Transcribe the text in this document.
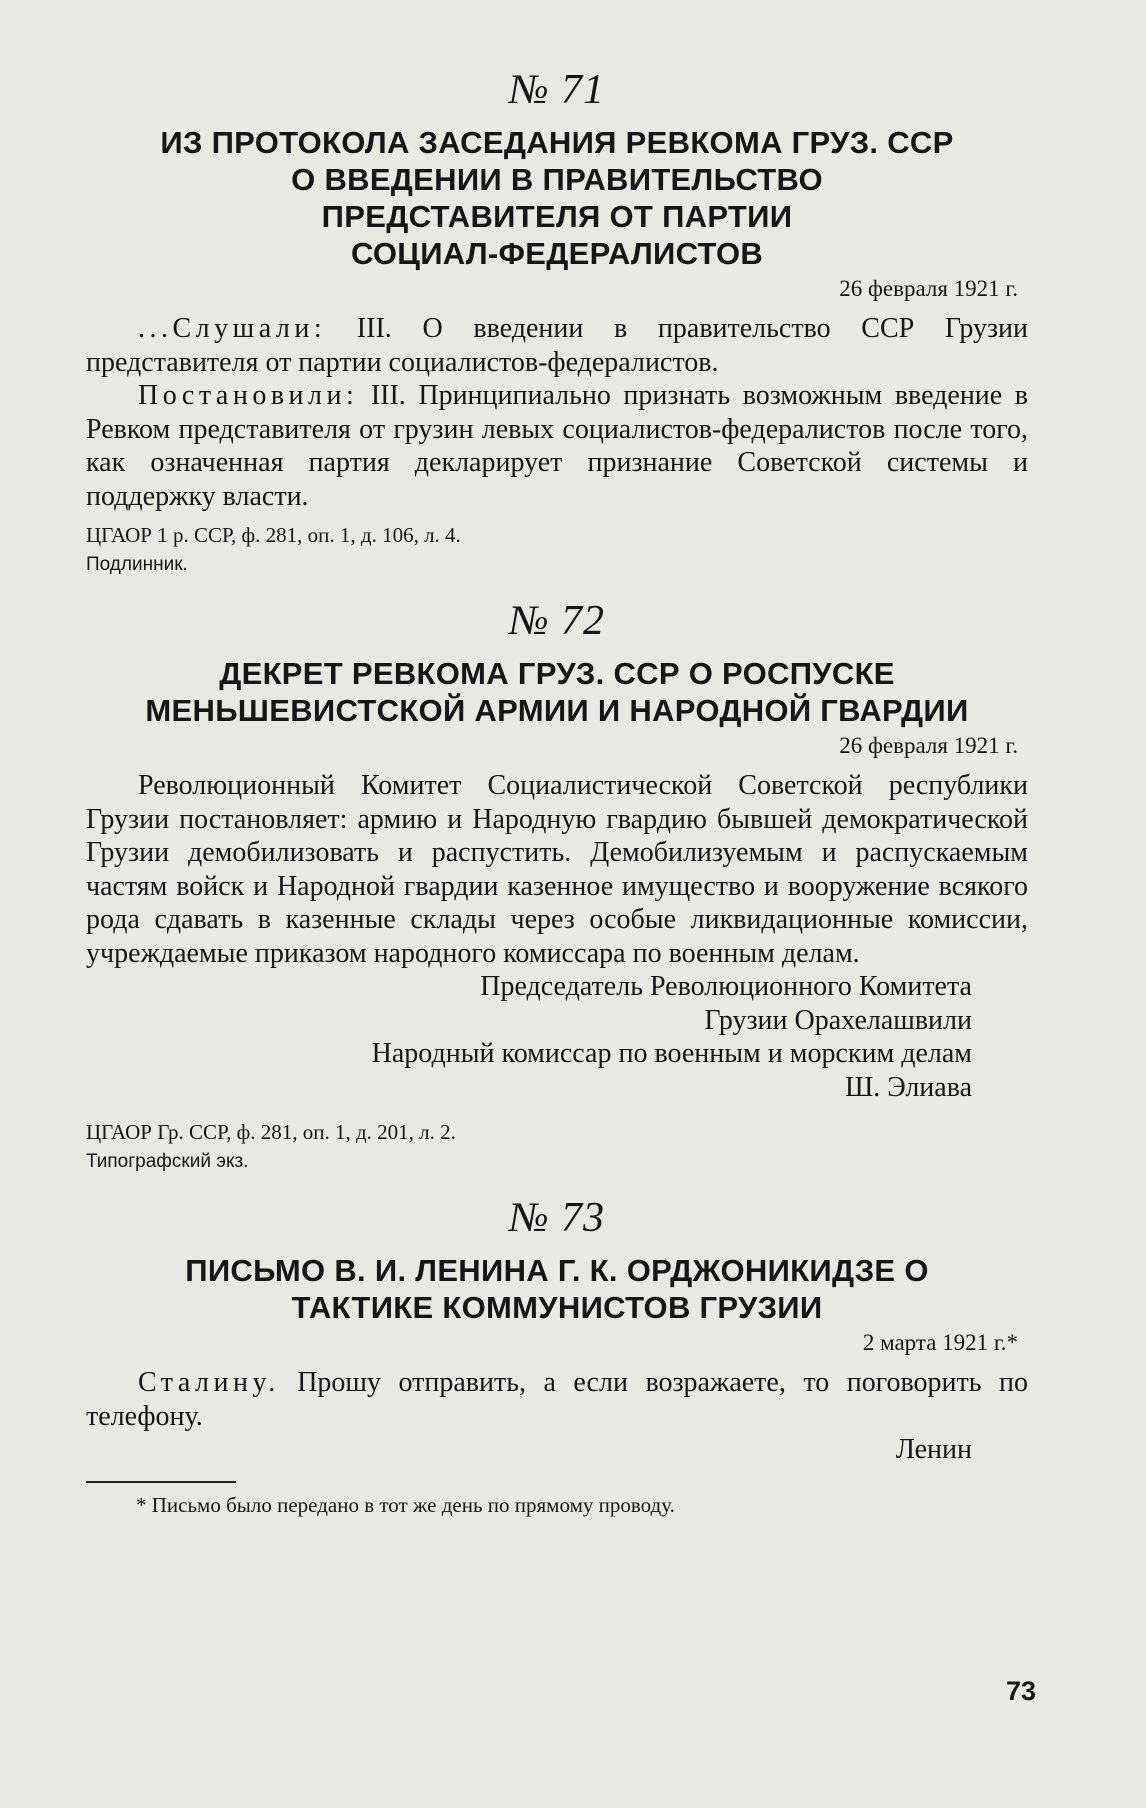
№ 71

ИЗ ПРОТОКОЛА ЗАСЕДАНИЯ РЕВКОМА ГРУЗ. ССР
О ВВЕДЕНИИ В ПРАВИТЕЛЬСТВО
ПРЕДСТАВИТЕЛЯ ОТ ПАРТИИ
СОЦИАЛ-ФЕДЕРАЛИСТОВ

26 февраля 1921 г.

...Слушали: III. О введении в правительство ССР Грузии представителя от партии социалистов-федералистов.

Постановили: III. Принципиально признать возможным введение в Ревком представителя от грузин левых социалистов-федералистов после того, как означенная партия декларирует признание Советской системы и поддержку власти.

ЦГАОР 1 р. ССР, ф. 281, оп. 1, д. 106, л. 4.

Подлинник.

№ 72

ДЕКРЕТ РЕВКОМА ГРУЗ. ССР О РОСПУСКЕ
МЕНЬШЕВИСТСКОЙ АРМИИ И НАРОДНОЙ ГВАРДИИ

26 февраля 1921 г.

Революционный Комитет Социалистической Советской республики Грузии постановляет: армию и Народную гвардию бывшей демократической Грузии демобилизовать и распустить. Демобилизуемым и распускаемым частям войск и Народной гвардии казенное имущество и вооружение всякого рода сдавать в казенные склады через особые ликвидационные комиссии, учреждаемые приказом народного комиссара по военным делам.

Председатель Революционного Комитета

Грузии Орахелашвили

Народный комиссар по военным и морским делам

Ш. Элиава

ЦГАОР Гр. ССР, ф. 281, оп. 1, д. 201, л. 2.

Типографский экз.

№ 73

ПИСЬМО В. И. ЛЕНИНА Г. К. ОРДЖОНИКИДЗЕ О
ТАКТИКЕ КОММУНИСТОВ ГРУЗИИ

2 марта 1921 г.*

Сталину. Прошу отправить, а если возражаете, то поговорить по телефону.

Ленин

* Письмо было передано в тот же день по прямому проводу.

73
